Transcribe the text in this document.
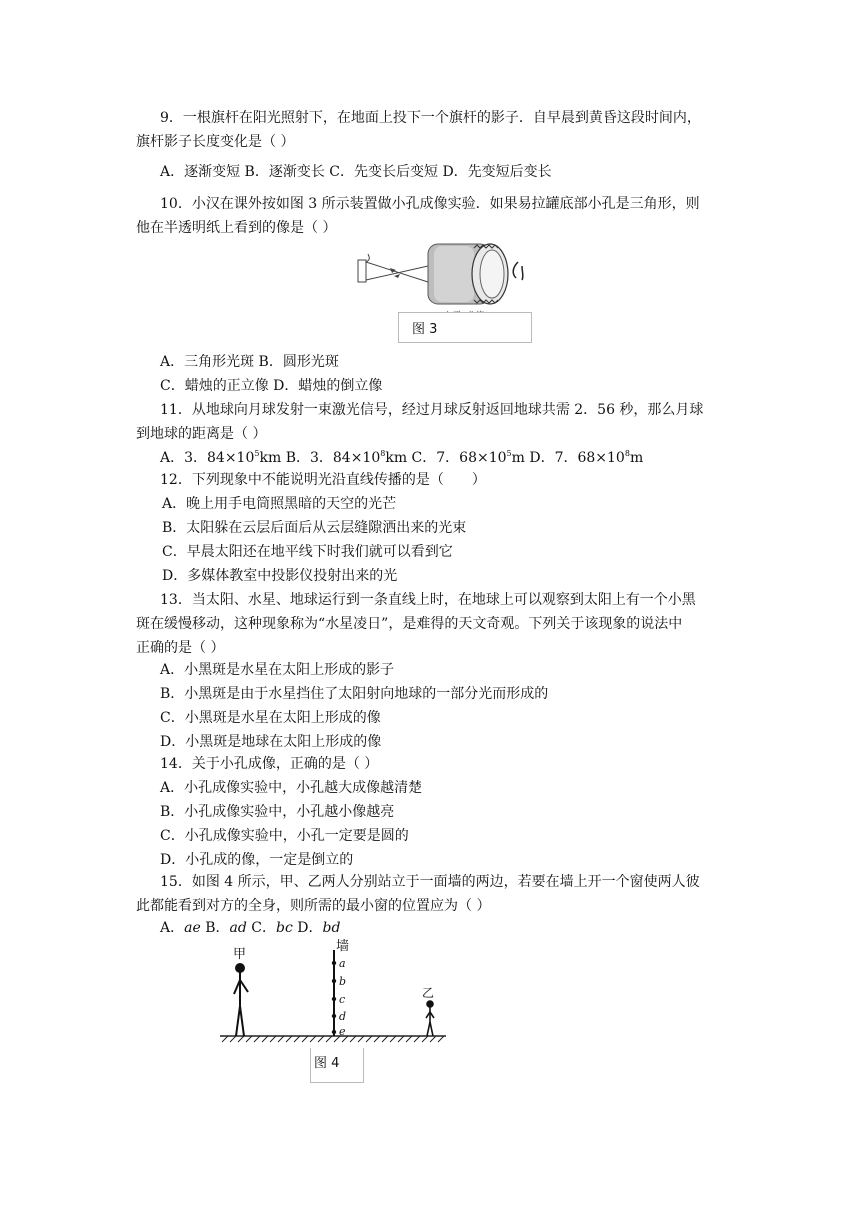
9．一根旗杆在阳光照射下，在地面上投下一个旗杆的影子．自早晨到黄昏这段时间内，
旗杆影子长度变化是（ ）
A．逐渐变短 B．逐渐变长 C．先变长后变短 D．先变短后变长
10．小汉在课外按如图 3 所示装置做小孔成像实验．如果易拉罐底部小孔是三角形，则
他在半透明纸上看到的像是（ ）
图 3
A．三角形光斑 B．圆形光斑
C．蜡烛的正立像 D．蜡烛的倒立像
11．从地球向月球发射一束激光信号，经过月球反射返回地球共需 2．56 秒，那么月球
到地球的距离是（ ）
A．3．$84\times 10^5km$ B．3．$84\times 10^8km$ C．7．$68\times 10^5m$ D．7．$68\times 10^8m$
12．下列现象中不能说明光沿直线传播的是（　　）
A．晚上用手电筒照黑暗的天空的光芒
B．太阳躲在云层后面后从云层缝隙洒出来的光束
C．早晨太阳还在地平线下时我们就可以看到它
D．多媒体教室中投影仪投射出来的光
13．当太阳、水星、地球运行到一条直线上时，在地球上可以观察到太阳上有一个小黑
斑在缓慢移动，这种现象称为“水星凌日”，是难得的天文奇观。下列关于该现象的说法中
正确的是（ ）
A．小黑斑是水星在太阳上形成的影子
B．小黑斑是由于水星挡住了太阳射向地球的一部分光而形成的
C．小黑斑是水星在太阳上形成的像
D．小黑斑是地球在太阳上形成的像
14．关于小孔成像，正确的是（ ）
A．小孔成像实验中，小孔越大成像越清楚
B．小孔成像实验中，小孔越小像越亮
C．小孔成像实验中，小孔一定要是圆的
D．小孔成的像，一定是倒立的
15．如图 4 所示，甲、乙两人分别站立于一面墙的两边，若要在墙上开一个窗使两人彼
此都能看到对方的全身，则所需的最小窗的位置应为（ ）
A．ae B．ad C．bc D．bd
甲
墙
a
b
c
d
e
乙
图 4
